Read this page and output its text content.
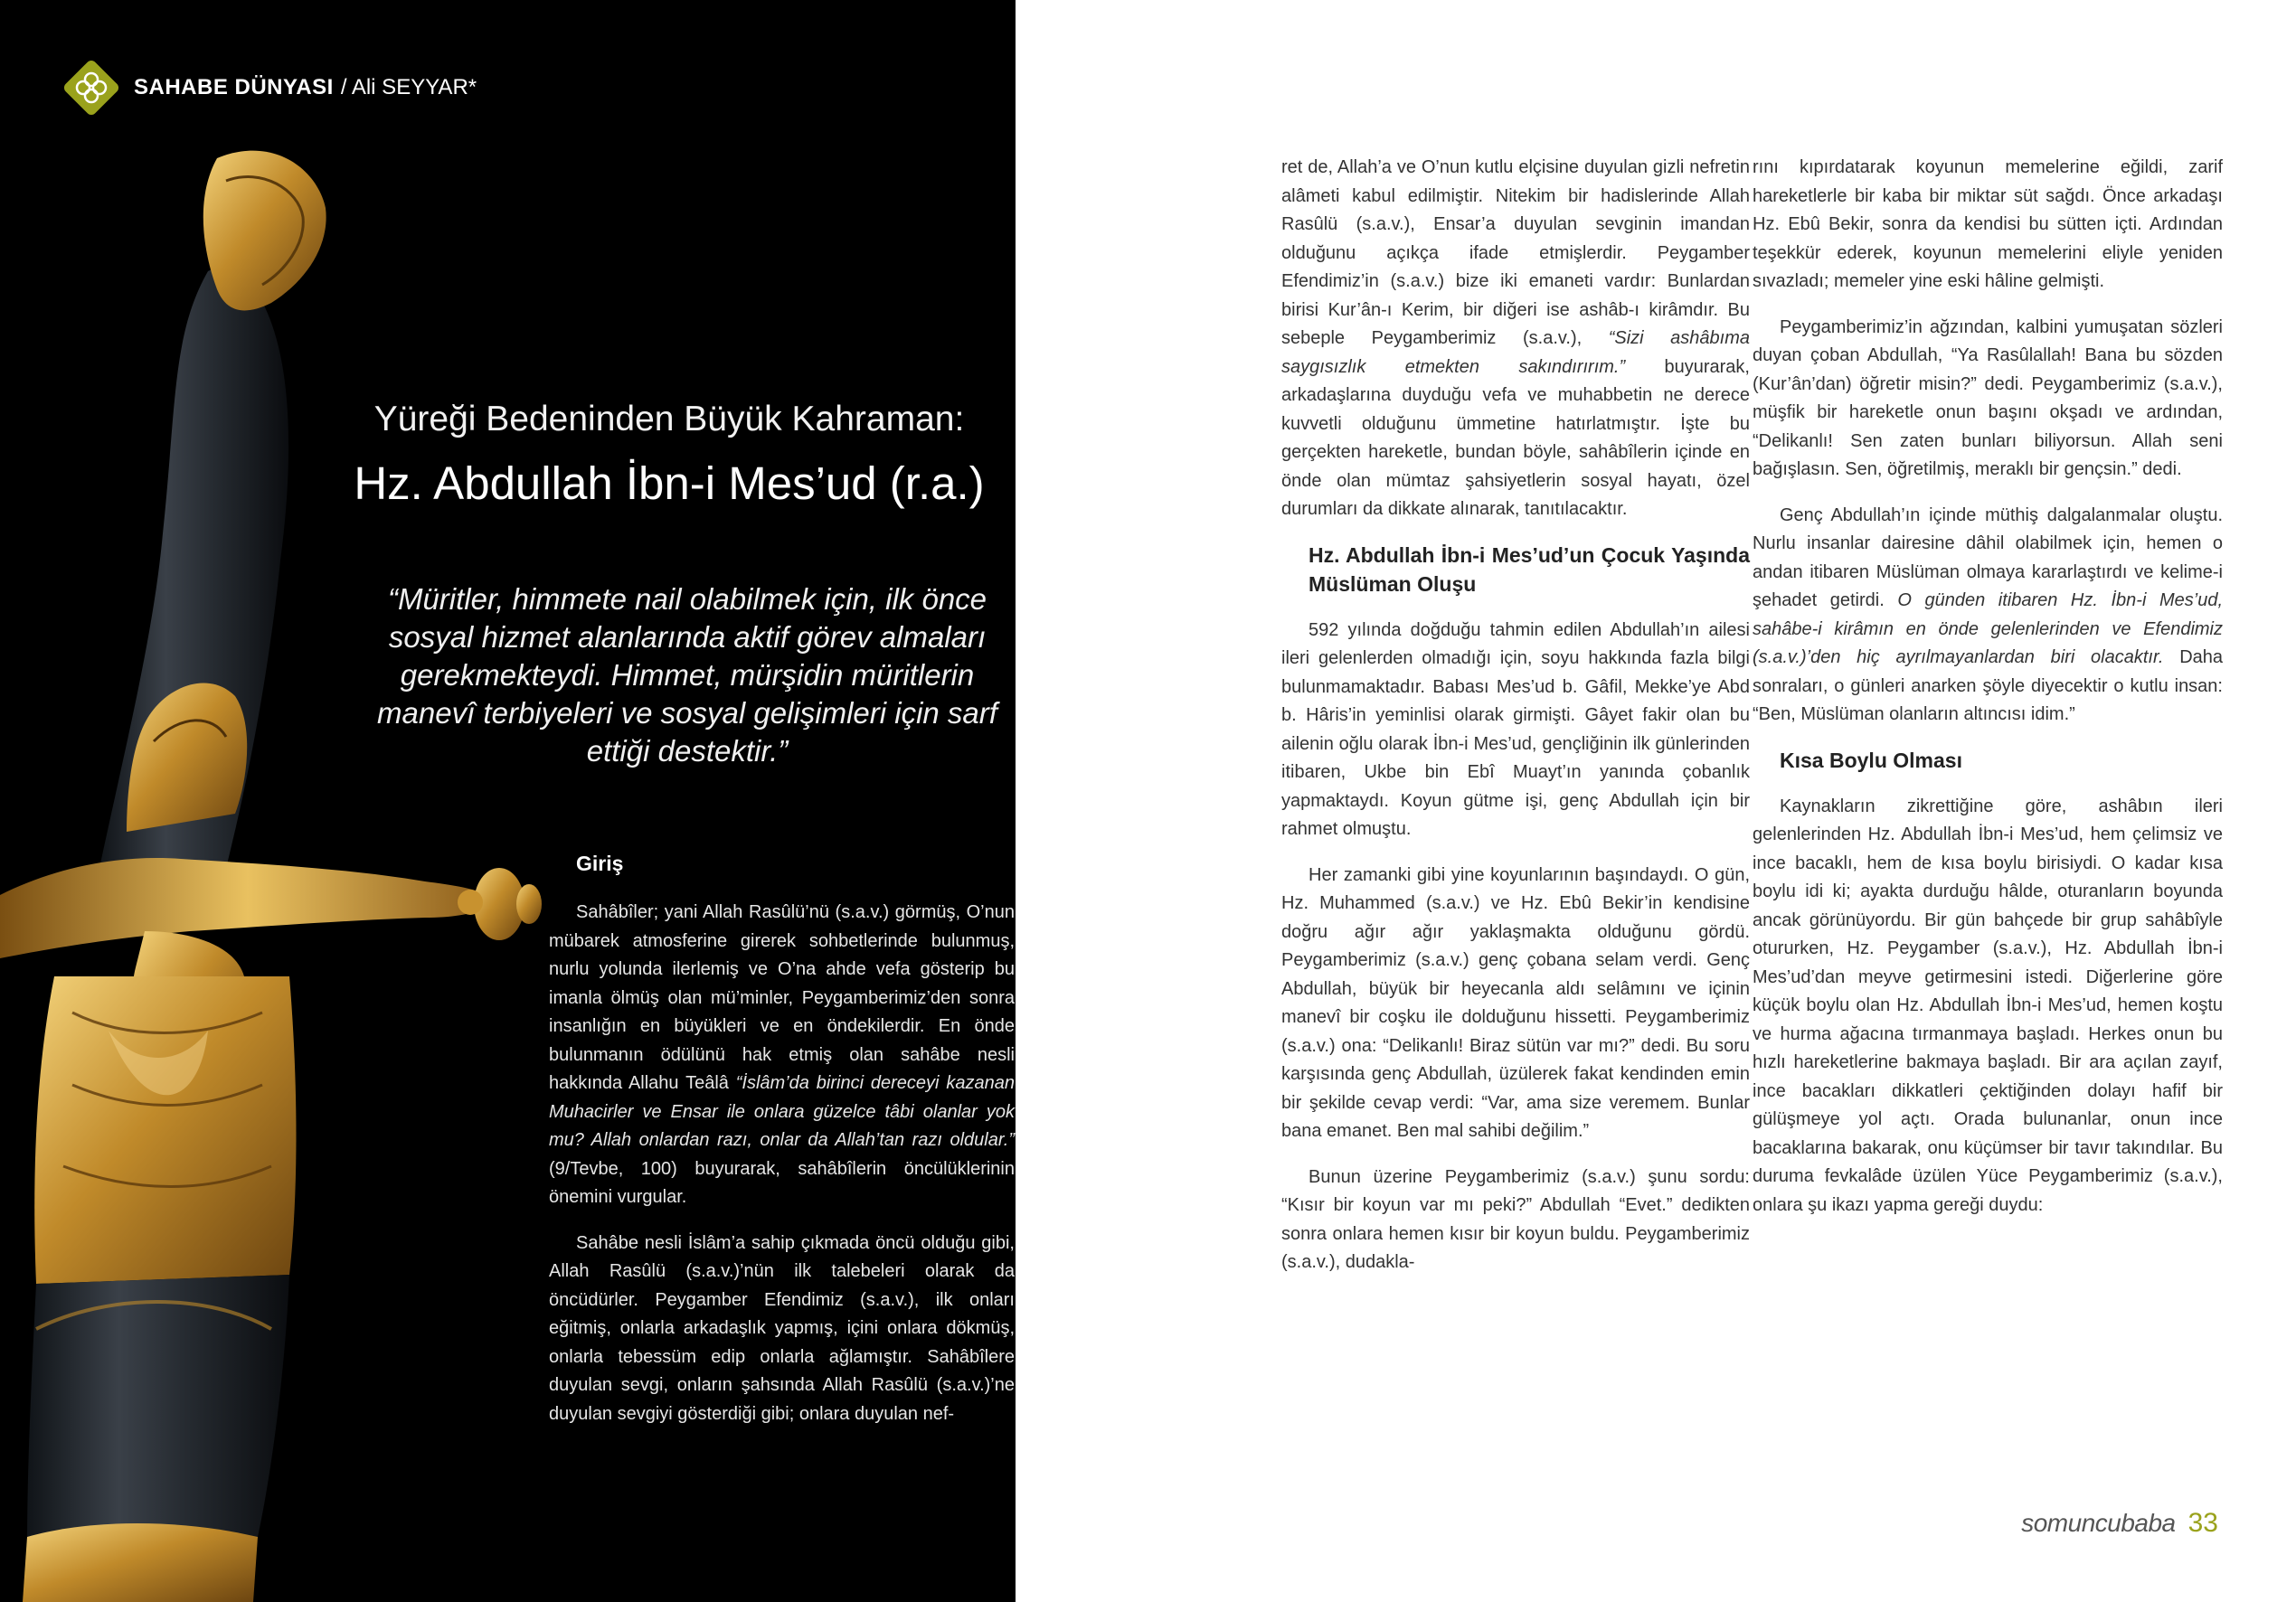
SAHABE DÜNYASI / Ali SEYYAR*
Yüreği Bedeninden Büyük Kahraman:
Hz. Abdullah İbn-i Mes’ud (r.a.)
“Müritler, himmete nail olabilmek için, ilk önce sosyal hizmet alanlarında aktif görev almaları gerekmekteydi. Himmet, mürşidin müritlerin manevî terbiyeleri ve sosyal gelişimleri için sarf ettiği destektir.”
Giriş

Sahâbîler; yani Allah Rasûlü’nü (s.a.v.) görmüş, O’nun mübarek atmosferine girerek sohbetlerinde bulunmuş, nurlu yolunda ilerlemiş ve O’na ahde vefa gösterip bu imanla ölmüş olan mü’minler, Peygamberimiz’den sonra insanlığın en büyükleri ve en öndekilerdir. En önde bulunmanın ödülünü hak etmiş olan sahâbe nesli hakkında Allahu Teâlâ “İslâm’da birinci dereceyi kazanan Muhacirler ve Ensar ile onlara güzelce tâbi olanlar yok mu? Allah onlardan razı, onlar da Allah’tan razı oldular.” (9/Tevbe, 100) buyurarak, sahâbîlerin öncülüklerinin önemini vurgular.

Sahâbe nesli İslâm’a sahip çıkmada öncü olduğu gibi, Allah Rasûlü (s.a.v.)’nün ilk talebeleri olarak da öncüdürler. Peygamber Efendimiz (s.a.v.), ilk onları eğitmiş, onlarla arkadaşlık yapmış, içini onlara dökmüş, onlarla tebessüm edip onlarla ağlamıştır. Sahâbîlere duyulan sevgi, onların şahsında Allah Rasûlü (s.a.v.)’ne duyulan sevgiyi gösterdiği gibi; onlara duyulan nef-

ret de, Allah’a ve O’nun kutlu elçisine duyulan gizli nefretin alâmeti kabul edilmiştir. Nitekim bir hadislerinde Allah Rasûlü (s.a.v.), Ensar’a duyulan sevginin imandan olduğunu açıkça ifade etmişlerdir. Peygamber Efendimiz’in (s.a.v.) bize iki emaneti vardır: Bunlardan birisi Kur’ân-ı Kerim, bir diğeri ise ashâb-ı kirâmdır. Bu sebeple Peygamberimiz (s.a.v.), “Sizi ashâbıma saygısızlık etmekten sakındırırım.” buyurarak, arkadaşlarına duyduğu vefa ve muhabbetin ne derece kuvvetli olduğunu ümmetine hatırlatmıştır. İşte bu gerçekten hareketle, bundan böyle, sahâbîlerin içinde en önde olan mümtaz şahsiyetlerin sosyal hayatı, özel durumları da dikkate alınarak, tanıtılacaktır.

Hz. Abdullah İbn-i Mes’ud’un Çocuk Yaşında Müslüman Oluşu

592 yılında doğduğu tahmin edilen Abdullah’ın ailesi ileri gelenlerden olmadığı için, soyu hakkında fazla bilgi bulunmamaktadır. Babası Mes’ud b. Gâfil, Mekke’ye Abd b. Hâris’in yeminlisi olarak girmişti. Gâyet fakir olan bu ailenin oğlu olarak İbn-i Mes’ud, gençliğinin ilk günlerinden itibaren, Ukbe bin Ebî Muayt’ın yanında çobanlık yapmaktaydı. Koyun gütme işi, genç Abdullah için bir rahmet olmuştu.

Her zamanki gibi yine koyunlarının başındaydı. O gün, Hz. Muhammed (s.a.v.) ve Hz. Ebû Bekir’in kendisine doğru ağır ağır yaklaşmakta olduğunu gördü. Peygamberimiz (s.a.v.) genç çobana selam verdi. Genç Abdullah, büyük bir heyecanla aldı selâmını ve içinin manevî bir coşku ile dolduğunu hissetti. Peygamberimiz (s.a.v.) ona: “Delikanlı! Biraz sütün var mı?” dedi. Bu soru karşısında genç Abdullah, üzülerek fakat kendinden emin bir şekilde cevap verdi: “Var, ama size veremem. Bunlar bana emanet. Ben mal sahibi değilim.”

Bunun üzerine Peygamberimiz (s.a.v.) şunu sordu: “Kısır bir koyun var mı peki?” Abdullah “Evet.” dedikten sonra onlara hemen kısır bir koyun buldu. Peygamberimiz (s.a.v.), dudakla-

rını kıpırdatarak koyunun memelerine eğildi, zarif hareketlerle bir kaba bir miktar süt sağdı. Önce arkadaşı Hz. Ebû Bekir, sonra da kendisi bu sütten içti. Ardından teşekkür ederek, koyunun memelerini eliyle yeniden sıvazladı; memeler yine eski hâline gelmişti.

Peygamberimiz’in ağzından, kalbini yumuşatan sözleri duyan çoban Abdullah, “Ya Rasûlallah! Bana bu sözden (Kur’ân’dan) öğretir misin?” dedi. Peygamberimiz (s.a.v.), müşfik bir hareketle onun başını okşadı ve ardından, “Delikanlı! Sen zaten bunları biliyorsun. Allah seni bağışlasın. Sen, öğretilmiş, meraklı bir gençsin.” dedi.

Genç Abdullah’ın içinde müthiş dalgalanmalar oluştu. Nurlu insanlar dairesine dâhil olabilmek için, hemen o andan itibaren Müslüman olmaya kararlaştırdı ve kelime-i şehadet getirdi. O günden itibaren Hz. İbn-i Mes’ud, sahâbe-i kirâmın en önde gelenlerinden ve Efendimiz (s.a.v.)’den hiç ayrılmayanlardan biri olacaktır. Daha sonraları, o günleri anarken şöyle diyecektir o kutlu insan: “Ben, Müslüman olanların altıncısı idim.”

Kısa Boylu Olması

Kaynakların zikrettiğine göre, ashâbın ileri gelenlerinden Hz. Abdullah İbn-i Mes’ud, hem çelimsiz ve ince bacaklı, hem de kısa boylu birisiydi. O kadar kısa boylu idi ki; ayakta durduğu hâlde, oturanların boyunda ancak görünüyordu. Bir gün bahçede bir grup sahâbîyle otururken, Hz. Peygamber (s.a.v.), Hz. Abdullah İbn-i Mes’ud’dan meyve getirmesini istedi. Diğerlerine göre küçük boylu olan Hz. Abdullah İbn-i Mes’ud, hemen koştu ve hurma ağacına tırmanmaya başladı. Herkes onun bu hızlı hareketlerine bakmaya başladı. Bir ara açılan zayıf, ince bacakları dikkatleri çektiğinden dolayı hafif bir gülüşmeye yol açtı. Orada bulunanlar, onun ince bacaklarına bakarak, onu küçümser bir tavır takındılar. Bu duruma fevkalâde üzülen Yüce Peygamberimiz (s.a.v.), onlara şu ikazı yapma gereği duydu:

somuncubaba 33
